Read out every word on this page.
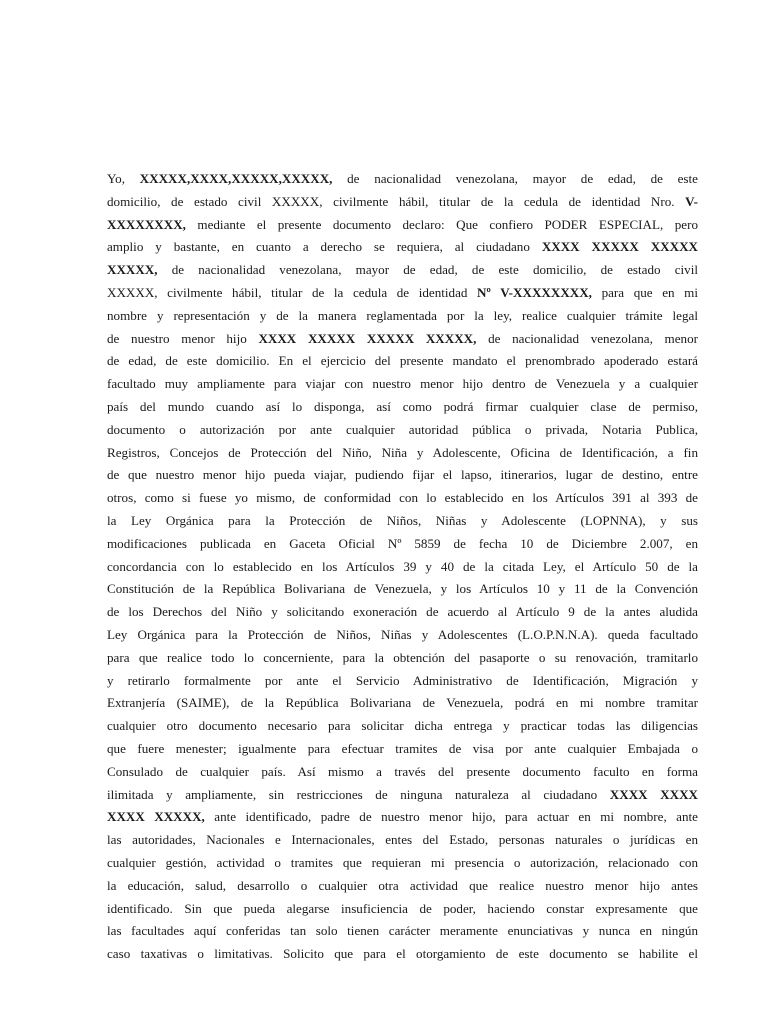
Yo, XXXXX,XXXX,XXXXX,XXXXX, de nacionalidad venezolana, mayor de edad, de este
domicilio, de estado civil XXXXX, civilmente hábil, titular de la cedula de identidad Nro. V-
XXXXXXXX, mediante el presente documento declaro: Que confiero PODER ESPECIAL, pero
amplio y bastante, en cuanto a derecho se requiera, al ciudadano XXXX XXXXX XXXXX
XXXXX, de nacionalidad venezolana, mayor de edad, de este domicilio, de estado civil
XXXXX, civilmente hábil, titular de la cedula de identidad Nº V-XXXXXXXX, para que en mi
nombre y representación y de la manera reglamentada por la ley, realice cualquier trámite legal
de nuestro menor hijo XXXX XXXXX XXXXX XXXXX, de nacionalidad venezolana, menor
de edad, de este domicilio. En el ejercicio del presente mandato el prenombrado apoderado estará
facultado muy ampliamente para viajar con nuestro menor hijo dentro de Venezuela y a cualquier
país del mundo cuando así lo disponga, así como podrá firmar cualquier clase de permiso,
documento o autorización por ante cualquier autoridad pública o privada, Notaria Publica,
Registros, Concejos de Protección del Niño, Niña y Adolescente, Oficina de Identificación, a fin
de que nuestro menor hijo pueda viajar, pudiendo fijar el lapso, itinerarios, lugar de destino, entre
otros, como si fuese yo mismo, de conformidad con lo establecido en los Artículos 391 al 393 de
la Ley Orgánica para la Protección de Niños, Niñas y Adolescente (LOPNNA), y sus
modificaciones publicada en Gaceta Oficial Nº 5859 de fecha 10 de Diciembre 2.007, en
concordancia con lo establecido en los Artículos 39 y 40 de la citada Ley, el Artículo 50 de la
Constitución de la República Bolivariana de Venezuela, y los Artículos 10 y 11 de la Convención
de los Derechos del Niño y solicitando exoneración de acuerdo al Artículo 9 de la antes aludida
Ley Orgánica para la Protección de Niños, Niñas y Adolescentes (L.O.P.N.N.A). queda facultado
para que realice todo lo concerniente, para la obtención del pasaporte o su renovación, tramitarlo
y retirarlo formalmente por ante el Servicio Administrativo de Identificación, Migración y
Extranjería (SAIME), de la República Bolivariana de Venezuela, podrá en mi nombre tramitar
cualquier otro documento necesario para solicitar dicha entrega y practicar todas las diligencias
que fuere menester; igualmente para efectuar tramites de visa por ante cualquier Embajada o
Consulado de cualquier país. Así mismo a través del presente documento faculto en forma
ilimitada y ampliamente, sin restricciones de ninguna naturaleza al ciudadano XXXX XXXX
XXXX XXXXX, ante identificado, padre de nuestro menor hijo, para actuar en mi nombre, ante
las autoridades, Nacionales e Internacionales, entes del Estado, personas naturales o jurídicas en
cualquier gestión, actividad o tramites que requieran mi presencia o autorización, relacionado con
la educación, salud, desarrollo o cualquier otra actividad que realice nuestro menor hijo antes
identificado. Sin que pueda alegarse insuficiencia de poder, haciendo constar expresamente que
las facultades aquí conferidas tan solo tienen carácter meramente enunciativas y nunca en ningún
caso taxativas o limitativas. Solicito que para el otorgamiento de este documento se habilite el
